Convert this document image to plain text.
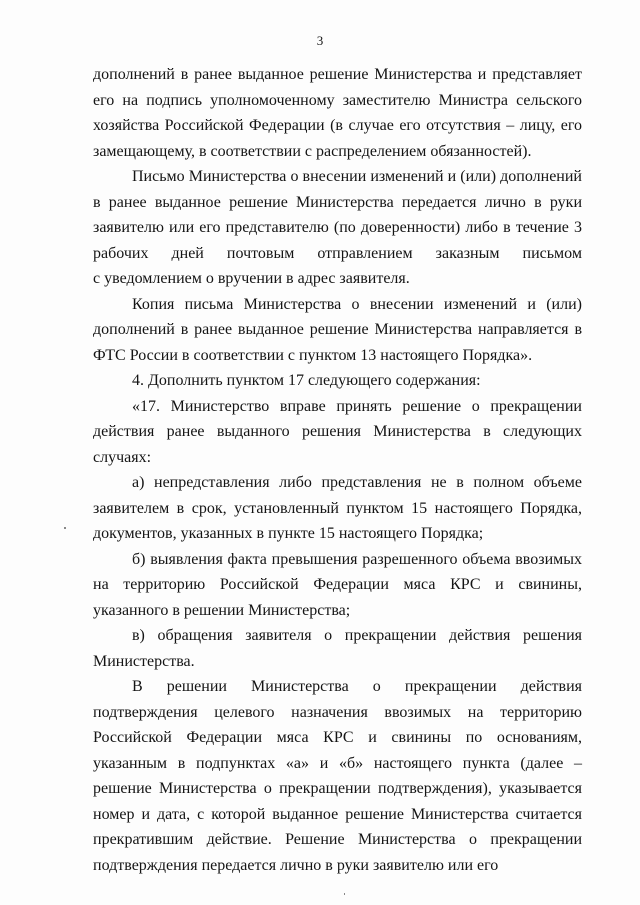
3

дополнений в ранее выданное решение Министерства и представляет его на подпись уполномоченному заместителю Министра сельского хозяйства Российской Федерации (в случае его отсутствия – лицу, его замещающему, в соответствии с распределением обязанностей).

Письмо Министерства о внесении изменений и (или) дополнений в ранее выданное решение Министерства передается лично в руки заявителю или его представителю (по доверенности) либо в течение 3 рабочих дней почтовым отправлением заказным письмом

с уведомлением о вручении в адрес заявителя.

Копия письма Министерства о внесении изменений и (или) дополнений в ранее выданное решение Министерства направляется в ФТС России в соответствии с пунктом 13 настоящего Порядка».

4. Дополнить пунктом 17 следующего содержания:

«17. Министерство вправе принять решение о прекращении действия ранее выданного решения Министерства в следующих случаях:

а) непредставления либо представления не в полном объеме заявителем в срок, установленный пунктом 15 настоящего Порядка, документов, указанных в пункте 15 настоящего Порядка;

б) выявления факта превышения разрешенного объема ввозимых на территорию Российской Федерации мяса КРС и свинины, указанного в решении Министерства;

в) обращения заявителя о прекращении действия решения Министерства.

В решении Министерства о прекращении действия подтверждения целевого назначения ввозимых на территорию Российской Федерации мяса КРС и свинины по основаниям, указанным в подпунктах «а» и «б» настоящего пункта (далее – решение Министерства о прекращении подтверждения), указывается номер и дата, с которой выданное решение Министерства считается прекратившим действие. Решение Министерства о прекращении подтверждения передается лично в руки заявителю или его
